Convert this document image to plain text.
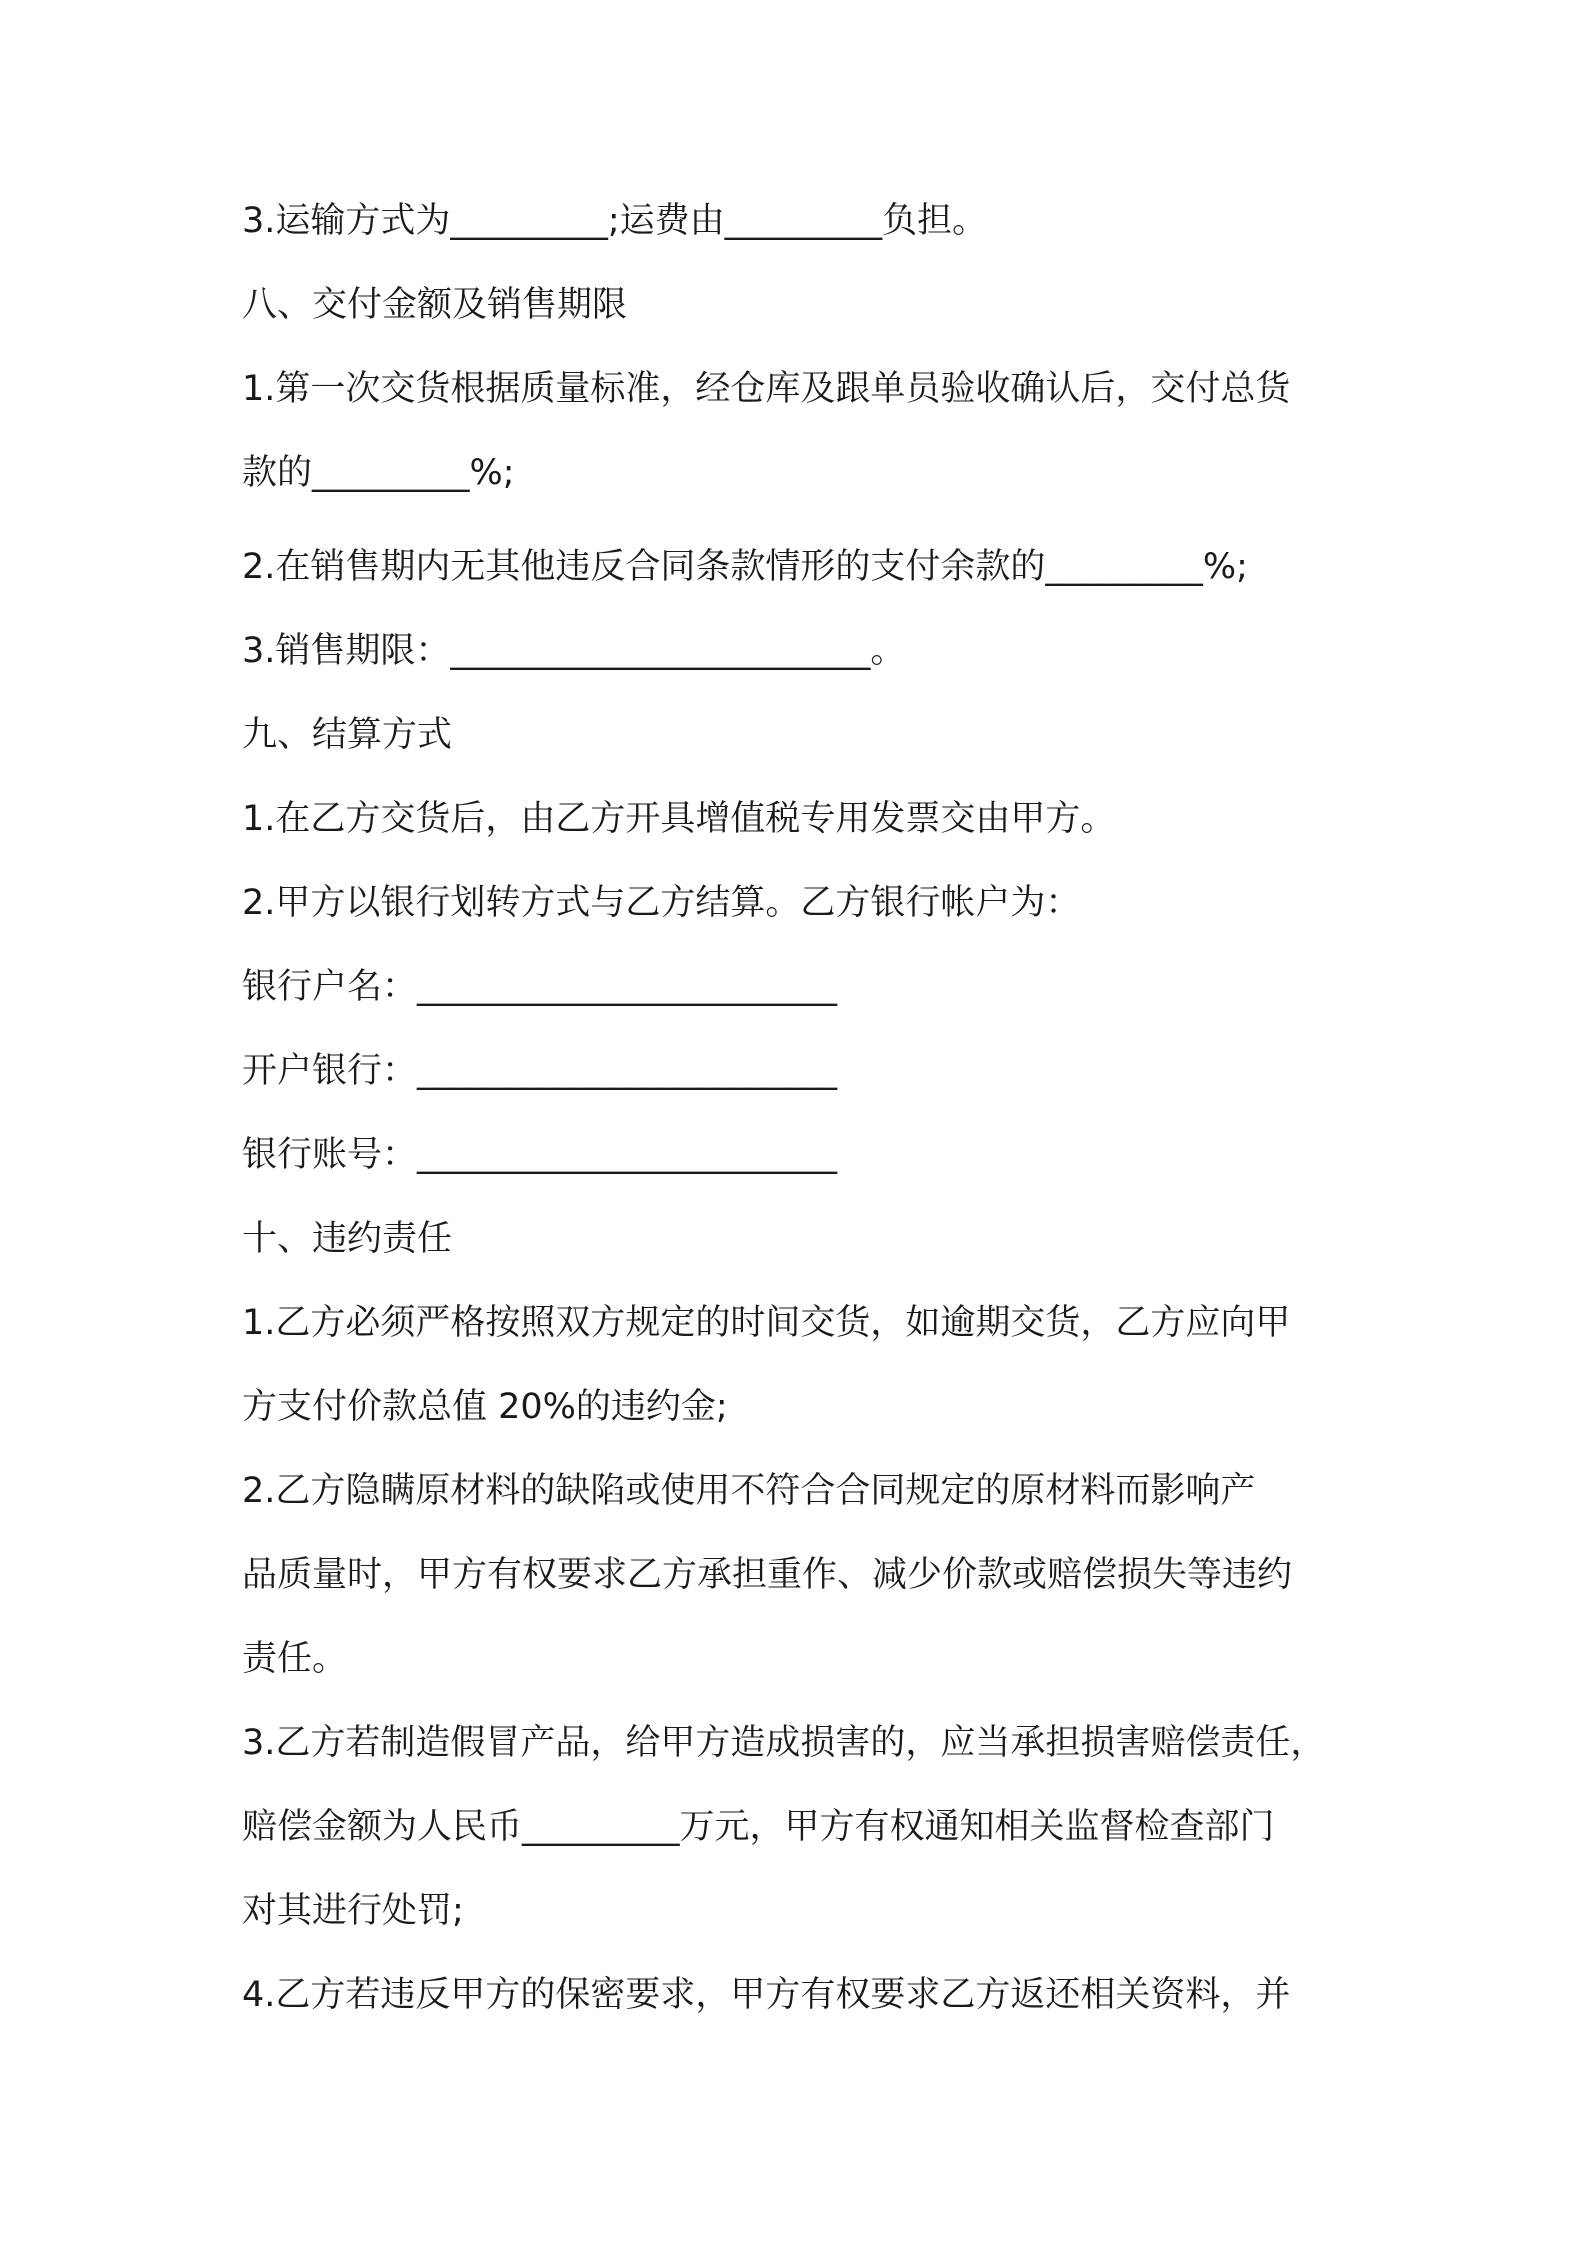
3.运输方式为_________;运费由_________负担。

八、交付金额及销售期限

1.第一次交货根据质量标准，经仓库及跟单员验收确认后，交付总货

款的_________%;

2.在销售期内无其他违反合同条款情形的支付余款的_________%;

3.销售期限：________________________。

九、结算方式

1.在乙方交货后，由乙方开具增值税专用发票交由甲方。

2.甲方以银行划转方式与乙方结算。乙方银行帐户为：

银行户名：________________________

开户银行：________________________

银行账号：________________________

十、违约责任

1.乙方必须严格按照双方规定的时间交货，如逾期交货，乙方应向甲

方支付价款总值 20%的违约金;

2.乙方隐瞒原材料的缺陷或使用不符合合同规定的原材料而影响产

品质量时，甲方有权要求乙方承担重作、减少价款或赔偿损失等违约

责任。

3.乙方若制造假冒产品，给甲方造成损害的，应当承担损害赔偿责任，

赔偿金额为人民币_________万元，甲方有权通知相关监督检查部门

对其进行处罚;

4.乙方若违反甲方的保密要求，甲方有权要求乙方返还相关资料，并
